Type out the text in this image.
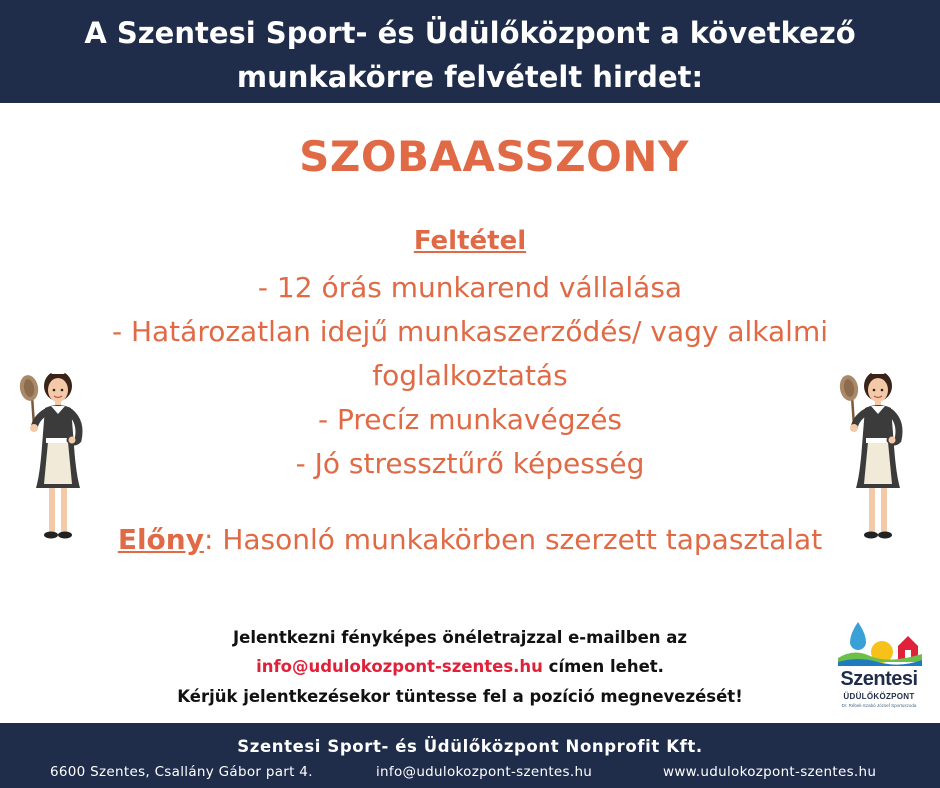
A Szentesi Sport- és Üdülőközpont a következő
munkakörre felvételt hirdet:
SZOBAASSZONY
Feltétel
- 12 órás munkarend vállalása
- Határozatlan idejű munkaszerződés/ vagy alkalmi
foglalkoztatás
- Precíz munkavégzés
- Jó stressztűrő képesség
Előny: Hasonló munkakörben szerzett tapasztalat
Jelentkezni fényképes önéletrajzzal e-mailben az
info@udulokozpont-szentes.hu címen lehet.
Kérjük jelentkezésekor tüntesse fel a pozíció megnevezését!
Szentesi
ÜDÜLŐKÖZPONT
Dr. Rébeli-Szabó József Sportuszoda
Szentesi Sport- és Üdülőközpont Nonprofit Kft.
6600 Szentes, Csallány Gábor part 4.	info@udulokozpont-szentes.hu	www.udulokozpont-szentes.hu
